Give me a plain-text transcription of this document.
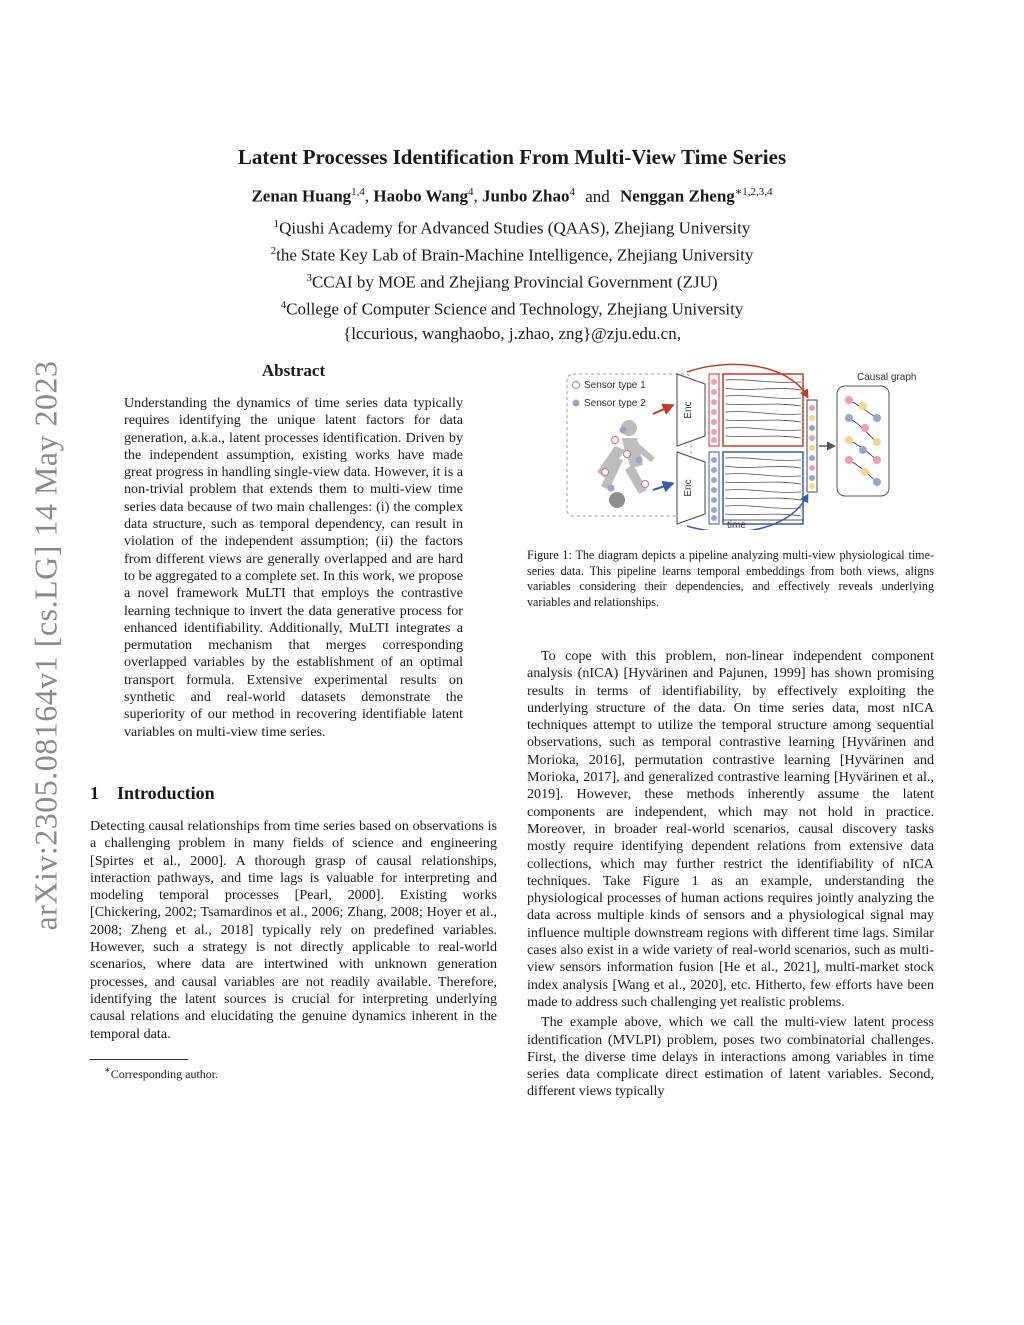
arXiv:2305.08164v1 [cs.LG] 14 May 2023
Latent Processes Identification From Multi-View Time Series
Zenan Huang$^{1,4}$, Haobo Wang$^4$, Junbo Zhao$^4$ and Nenggan Zheng$^{∗1,2,3,4}$
$^1$Qiushi Academy for Advanced Studies (QAAS), Zhejiang University
$^2$the State Key Lab of Brain-Machine Intelligence, Zhejiang University
$^3$CCAI by MOE and Zhejiang Provincial Government (ZJU)
$^4$College of Computer Science and Technology, Zhejiang University
{lccurious, wanghaobo, j.zhao, zng}@zju.edu.cn,
Abstract

Understanding the dynamics of time series data typically requires identifying the unique latent factors for data generation, a.k.a., latent processes identification. Driven by the independent assumption, existing works have made great progress in handling single-view data. However, it is a non-trivial problem that extends them to multi-view time series data because of two main challenges: (i) the complex data structure, such as temporal dependency, can result in violation of the independent assumption; (ii) the factors from different views are generally overlapped and are hard to be aggregated to a complete set. In this work, we propose a novel framework MuLTI that employs the contrastive learning technique to invert the data generative process for enhanced identifiability. Additionally, MuLTI integrates a permutation mechanism that merges corresponding overlapped variables by the establishment of an optimal transport formula. Extensive experimental results on synthetic and real-world datasets demonstrate the superiority of our method in recovering identifiable latent variables on multi-view time series.

1 Introduction

Detecting causal relationships from time series based on observations is a challenging problem in many fields of science and engineering [Spirtes et al., 2000]. A thorough grasp of causal relationships, interaction pathways, and time lags is valuable for interpreting and modeling temporal processes [Pearl, 2000]. Existing works [Chickering, 2002; Tsamardinos et al., 2006; Zhang, 2008; Hoyer et al., 2008; Zheng et al., 2018] typically rely on predefined variables. However, such a strategy is not directly applicable to real-world scenarios, where data are intertwined with unknown generation processes, and causal variables are not readily available. Therefore, identifying the latent sources is crucial for interpreting underlying causal relations and elucidating the genuine dynamics inherent in the temporal data.

∗Corresponding author.
Sensor type 1
Sensor type 2	Enc
Enc
Causal graph
time
Figure 1: The diagram depicts a pipeline analyzing multi-view physiological time-series data. This pipeline learns temporal embeddings from both views, aligns variables considering their dependencies, and effectively reveals underlying variables and relationships.

To cope with this problem, non-linear independent component analysis (nICA) [Hyvärinen and Pajunen, 1999] has shown promising results in terms of identifiability, by effectively exploiting the underlying structure of the data. On time series data, most nICA techniques attempt to utilize the temporal structure among sequential observations, such as temporal contrastive learning [Hyvärinen and Morioka, 2016], permutation contrastive learning [Hyvärinen and Morioka, 2017], and generalized contrastive learning [Hyvärinen et al., 2019]. However, these methods inherently assume the latent components are independent, which may not hold in practice. Moreover, in broader real-world scenarios, causal discovery tasks mostly require identifying dependent relations from extensive data collections, which may further restrict the identifiability of nICA techniques. Take Figure 1 as an example, understanding the physiological processes of human actions requires jointly analyzing the data across multiple kinds of sensors and a physiological signal may influence multiple downstream regions with different time lags. Similar cases also exist in a wide variety of real-world scenarios, such as multi-view sensors information fusion [He et al., 2021], multi-market stock index analysis [Wang et al., 2020], etc. Hitherto, few efforts have been made to address such challenging yet realistic problems.

The example above, which we call the multi-view latent process identification (MVLPI) problem, poses two combinatorial challenges. First, the diverse time delays in interactions among variables in time series data complicate direct estimation of latent variables. Second, different views typically
